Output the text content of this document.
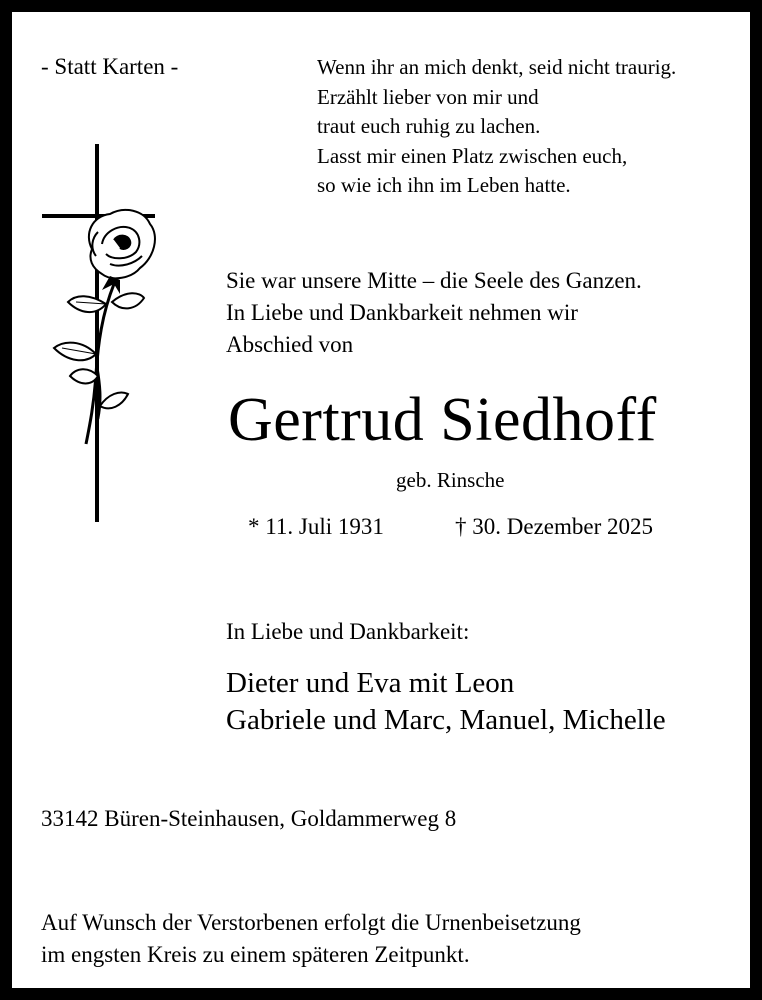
- Statt Karten -	Wenn ihr an mich denkt, seid nicht traurig.
Erzählt lieber von mir und
traut euch ruhig zu lachen.
Lasst mir einen Platz zwischen euch,
so wie ich ihn im Leben hatte.
Sie war unsere Mitte – die Seele des Ganzen.
In Liebe und Dankbarkeit nehmen wir
Abschied von
Gertrud Siedhoff
geb. Rinsche
* 11. Juli 1931	† 30. Dezember 2025
In Liebe und Dankbarkeit:
Dieter und Eva mit Leon
Gabriele und Marc, Manuel, Michelle
33142 Büren-Steinhausen, Goldammerweg 8
Auf Wunsch der Verstorbenen erfolgt die Urnenbeisetzung
im engsten Kreis zu einem späteren Zeitpunkt.
